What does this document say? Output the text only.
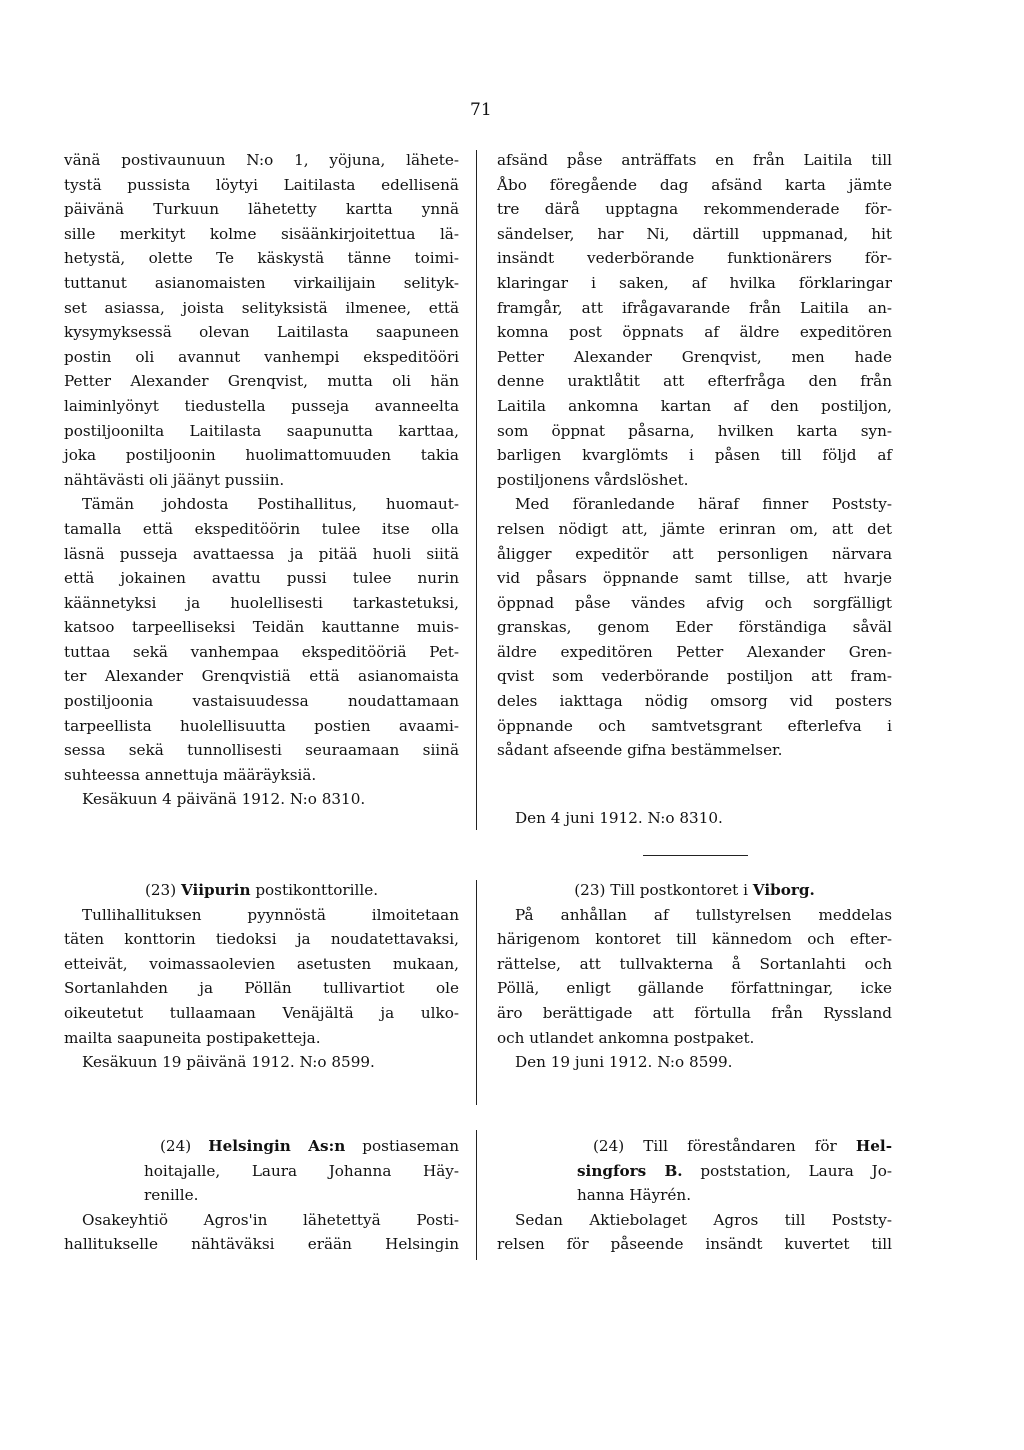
71
vänä postivaunuun N:o 1, yöjuna, lähete-
tystä pussista löytyi Laitilasta edellisenä
päivänä Turkuun lähetetty kartta ynnä
sille merkityt kolme sisäänkirjoitettua lä-
hetystä, olette Te käskystä tänne toimi-
tuttanut asianomaisten virkailijain selityk-
set asiassa, joista selityksistä ilmenee, että
kysymyksessä olevan Laitilasta saapuneen
postin oli avannut vanhempi ekspeditööri
Petter Alexander Grenqvist, mutta oli hän
laiminlyönyt tiedustella pusseja avanneelta
postiljoonilta Laitilasta saapunutta karttaa,
joka postiljoonin huolimattomuuden takia
nähtävästi oli jäänyt pussiin.
Tämän johdosta Postihallitus, huomaut-
tamalla että ekspeditöörin tulee itse olla
läsnä pusseja avattaessa ja pitää huoli siitä
että jokainen avattu pussi tulee nurin
käännetyksi ja huolellisesti tarkastetuksi,
katsoo tarpeelliseksi Teidän kauttanne muis-
tuttaa sekä vanhempaa ekspeditööriä Pet-
ter Alexander Grenqvistiä että asianomaista
postiljoonia vastaisuudessa noudattamaan
tarpeellista huolellisuutta postien avaami-
sessa sekä tunnollisesti seuraamaan siinä
suhteessa annettuja määräyksiä.
Kesäkuun 4 päivänä 1912. N:o 8310.
afsänd påse anträffats en från Laitila till
Åbo föregående dag afsänd karta jämte
tre därå upptagna rekommenderade för-
sändelser, har Ni, därtill uppmanad, hit
insändt vederbörande funktionärers för-
klaringar i saken, af hvilka förklaringar
framgår, att ifrågavarande från Laitila an-
komna post öppnats af äldre expeditören
Petter Alexander Grenqvist, men hade
denne uraktlåtit att efterfråga den från
Laitila ankomna kartan af den postiljon,
som öppnat påsarna, hvilken karta syn-
barligen kvarglömts i påsen till följd af
postiljonens vårdslöshet.
Med föranledande häraf finner Poststy-
relsen nödigt att, jämte erinran om, att det
åligger expeditör att personligen närvara
vid påsars öppnande samt tillse, att hvarje
öppnad påse vändes afvig och sorgfälligt
granskas, genom Eder förständiga såväl
äldre expeditören Petter Alexander Gren-
qvist som vederbörande postiljon att fram-
deles iakttaga nödig omsorg vid posters
öppnande och samtvetsgrant efterlefva i
sådant afseende gifna bestämmelser.
Den 4 juni 1912. N:o 8310.
(23) Viipurin postikonttorille.
Tullihallituksen pyynnöstä ilmoitetaan
täten konttorin tiedoksi ja noudatettavaksi,
etteivät, voimassaolevien asetusten mukaan,
Sortanlahden ja Pöllän tullivartiot ole
oikeutetut tullaamaan Venäjältä ja ulko-
mailta saapuneita postipaketteja.
Kesäkuun 19 päivänä 1912. N:o 8599.
(23) Till postkontoret i Viborg.
På anhållan af tullstyrelsen meddelas
härigenom kontoret till kännedom och efter-
rättelse, att tullvakterna å Sortanlahti och
Pöllä, enligt gällande författningar, icke
äro berättigade att förtulla från Ryssland
och utlandet ankomna postpaket.
Den 19 juni 1912. N:o 8599.
(24) Helsingin As:n postiaseman
hoitajalle, Laura Johanna Häy-
renille.
Osakeyhtiö Agros'in lähetettyä Posti-
hallitukselle nähtäväksi erään Helsingin
(24) Till föreståndaren för Hel-
singfors B. poststation, Laura Jo-
hanna Häyrén.
Sedan Aktiebolaget Agros till Poststy-
relsen för påseende insändt kuvertet till
